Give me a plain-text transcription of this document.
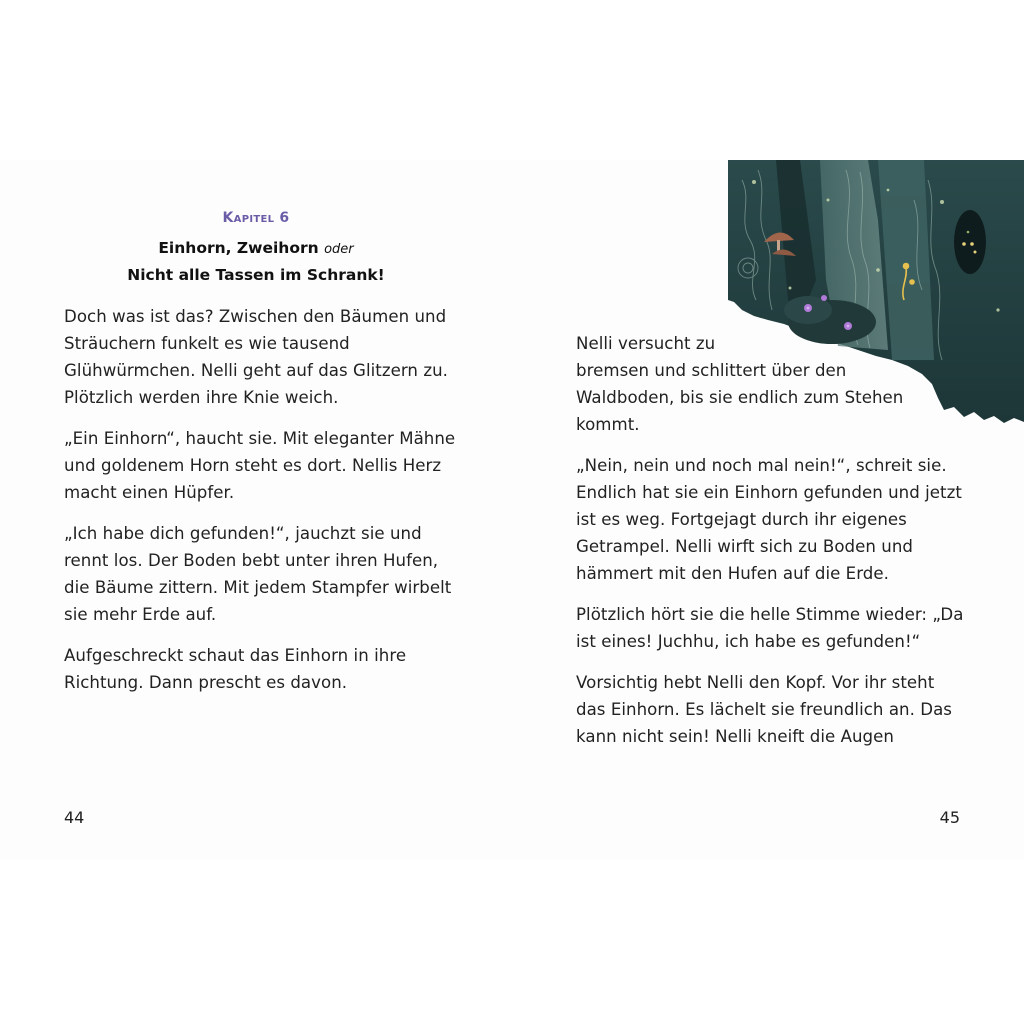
Kapitel 6
Einhorn, Zweihorn oder
Nicht alle Tassen im Schrank!

Doch was ist das? Zwischen den Bäumen und
Sträuchern funkelt es wie tausend
Glühwürmchen. Nelli geht auf das Glitzern zu.
Plötzlich werden ihre Knie weich.

„Ein Einhorn“, haucht sie. Mit eleganter Mähne
und goldenem Horn steht es dort. Nellis Herz
macht einen Hüpfer.

„Ich habe dich gefunden!“, jauchzt sie und
rennt los. Der Boden bebt unter ihren Hufen,
die Bäume zittern. Mit jedem Stampfer wirbelt
sie mehr Erde auf.

Aufgeschreckt schaut das Einhorn in ihre
Richtung. Dann prescht es davon.

44

Nelli versucht zu
bremsen und schlittert über den
Waldboden, bis sie endlich zum Stehen
kommt.

„Nein, nein und noch mal nein!“, schreit sie.
Endlich hat sie ein Einhorn gefunden und jetzt
ist es weg. Fortgejagt durch ihr eigenes
Getrampel. Nelli wirft sich zu Boden und
hämmert mit den Hufen auf die Erde.

Plötzlich hört sie die helle Stimme wieder: „Da
ist eines! Juchhu, ich habe es gefunden!“

Vorsichtig hebt Nelli den Kopf. Vor ihr steht
das Einhorn. Es lächelt sie freundlich an. Das
kann nicht sein! Nelli kneift die Augen

45
